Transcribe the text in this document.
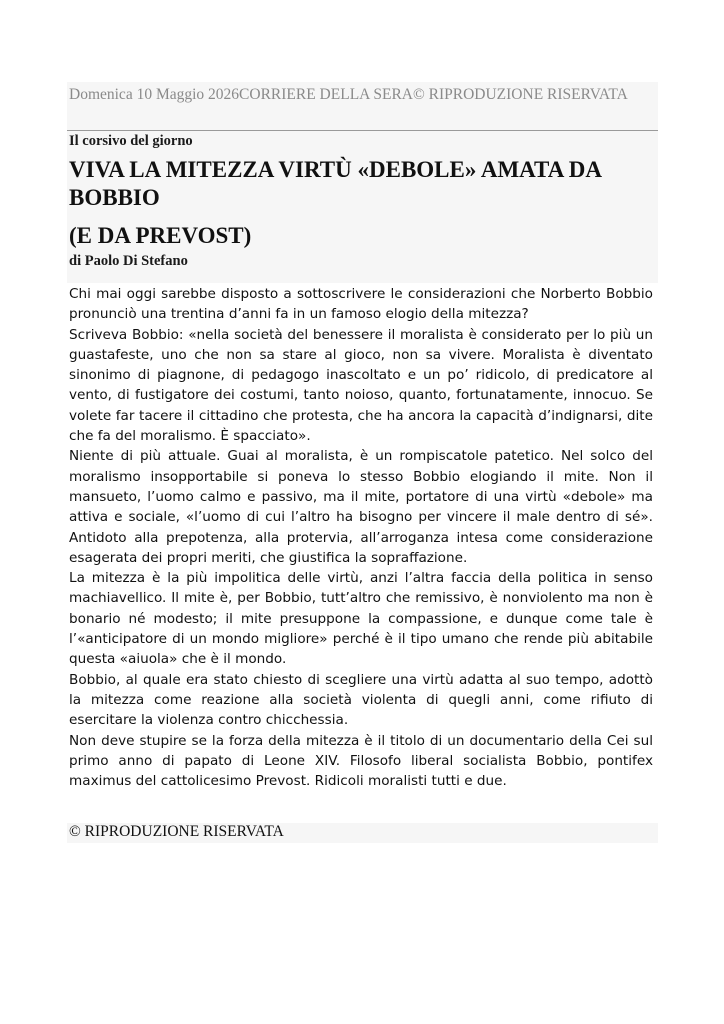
Domenica 10 Maggio 2026CORRIERE DELLA SERA© RIPRODUZIONE RISERVATA
Il corsivo del giorno
VIVA LA MITEZZA VIRTÙ «DEBOLE» AMATA DA
BOBBIO
(E DA PREVOST)
di Paolo Di Stefano

Chi mai oggi sarebbe disposto a sottoscrivere le considerazioni che Norberto Bobbio pronunciò una trentina d’anni fa in un famoso elogio della mitezza?

Scriveva Bobbio: «nella società del benessere il moralista è considerato per lo più un guastafeste, uno che non sa stare al gioco, non sa vivere. Moralista è diventato sinonimo di piagnone, di pedagogo inascoltato e un po’ ridicolo, di predicatore al vento, di fustigatore dei costumi, tanto noioso, quanto, fortunatamente, innocuo. Se volete far tacere il cittadino che protesta, che ha ancora la capacità d’indignarsi, dite che fa del moralismo. È spacciato».

Niente di più attuale. Guai al moralista, è un rompiscatole patetico. Nel solco del moralismo insopportabile si poneva lo stesso Bobbio elogiando il mite. Non il mansueto, l’uomo calmo e passivo, ma il mite, portatore di una virtù «debole» ma attiva e sociale, «l’uomo di cui l’altro ha bisogno per vincere il male dentro di sé». Antidoto alla prepotenza, alla protervia, all’arroganza intesa come considerazione esagerata dei propri meriti, che giustifica la sopraffazione.

La mitezza è la più impolitica delle virtù, anzi l’altra faccia della politica in senso machiavellico. Il mite è, per Bobbio, tutt’altro che remissivo, è nonviolento ma non è bonario né modesto; il mite presuppone la compassione, e dunque come tale è l’«anticipatore di un mondo migliore» perché è il tipo umano che rende più abitabile questa «aiuola» che è il mondo.

Bobbio, al quale era stato chiesto di scegliere una virtù adatta al suo tempo, adottò la mitezza come reazione alla società violenta di quegli anni, come rifiuto di esercitare la violenza contro chicchessia.

Non deve stupire se la forza della mitezza è il titolo di un documentario della Cei sul primo anno di papato di Leone XIV. Filosofo liberal socialista Bobbio, pontifex maximus del cattolicesimo Prevost. Ridicoli moralisti tutti e due.

© RIPRODUZIONE RISERVATA
